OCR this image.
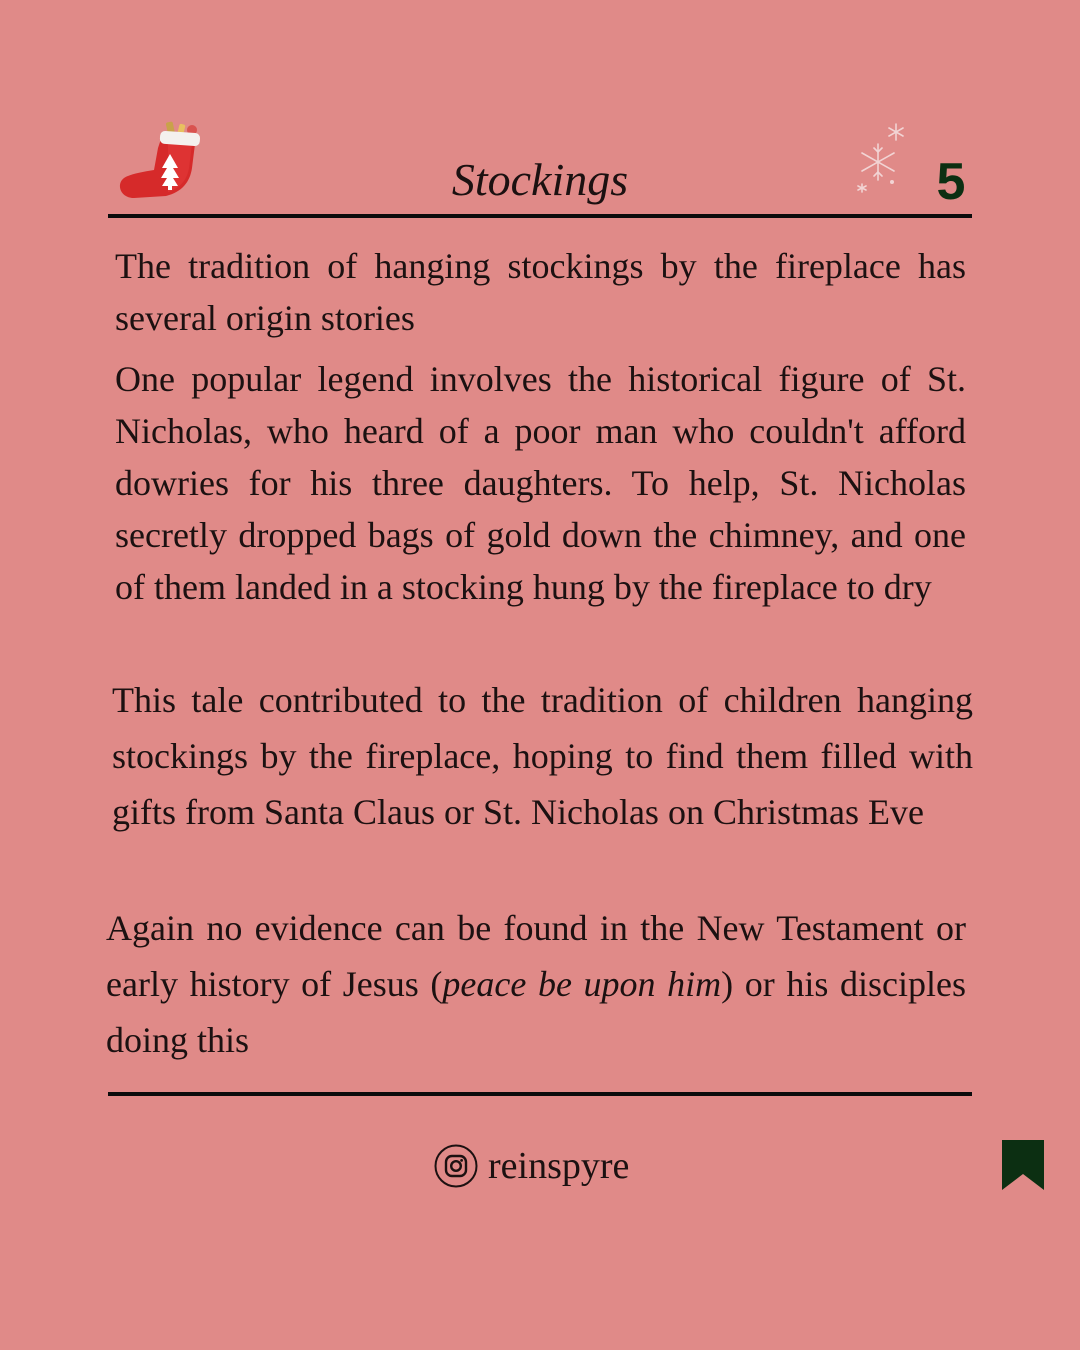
Stockings	5

The tradition of hanging stockings by the fireplace has several origin stories

One popular legend involves the historical figure of St. Nicholas, who heard of a poor man who couldn't afford dowries for his three daughters. To help, St. Nicholas secretly dropped bags of gold down the chimney, and one of them landed in a stocking hung by the fireplace to dry

This tale contributed to the tradition of children hanging stockings by the fireplace, hoping to find them filled with gifts from Santa Claus or St. Nicholas on Christmas Eve

Again no evidence can be found in the New Testament or early history of Jesus (peace be upon him) or his disciples doing this

reinspyre
